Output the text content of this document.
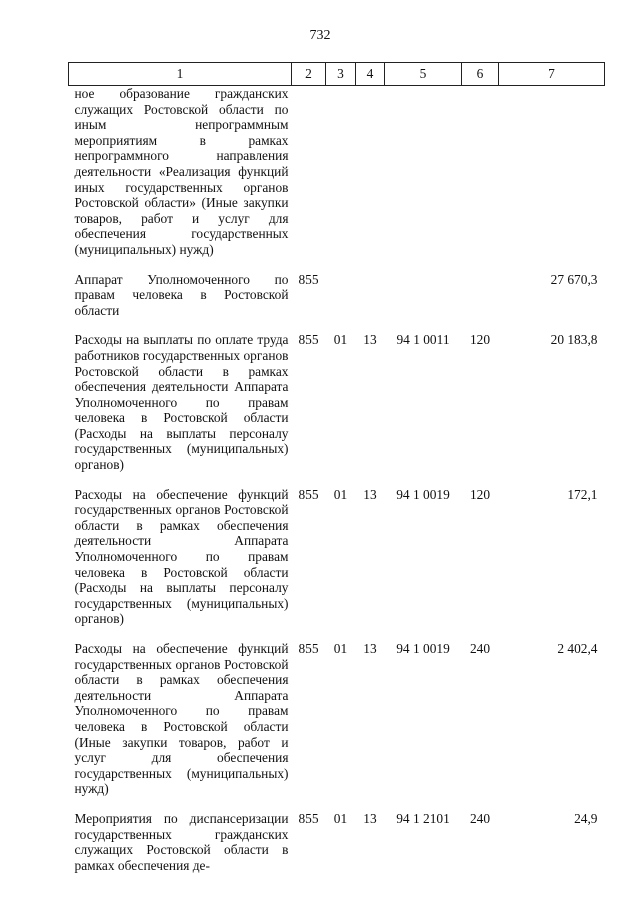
732
1	2	3	4	5	6	7
ное образование гражданских служащих Ростовской области по иным непрограммным мероприятиям в рамках непрограммного направления деятельности «Реализация функций иных государственных органов Ростовской области» (Иные закупки товаров, работ и услуг для обеспечения государственных (муниципальных) нужд)						
Аппарат Уполномоченного по правам человека в Ростовской области	855					27 670,3
Расходы на выплаты по оплате труда работников государственных органов Ростовской области в рамках обеспечения деятельности Аппарата Уполномоченного по правам человека в Ростовской области (Расходы на выплаты персоналу государственных (муниципальных) органов)	855	01	13	94 1 0011	120	20 183,8
Расходы на обеспечение функций государственных органов Ростовской области в рамках обеспечения деятельности Аппарата Уполномоченного по правам человека в Ростовской области (Расходы на выплаты персоналу государственных (муниципальных) органов)	855	01	13	94 1 0019	120	172,1
Расходы на обеспечение функций государственных органов Ростовской области в рамках обеспечения деятельности Аппарата Уполномоченного по правам человека в Ростовской области (Иные закупки товаров, работ и услуг для обеспечения государственных (муниципальных) нужд)	855	01	13	94 1 0019	240	2 402,4
Мероприятия по диспансеризации государственных гражданских служащих Ростовской области в рамках обеспечения де-	855	01	13	94 1 2101	240	24,9
